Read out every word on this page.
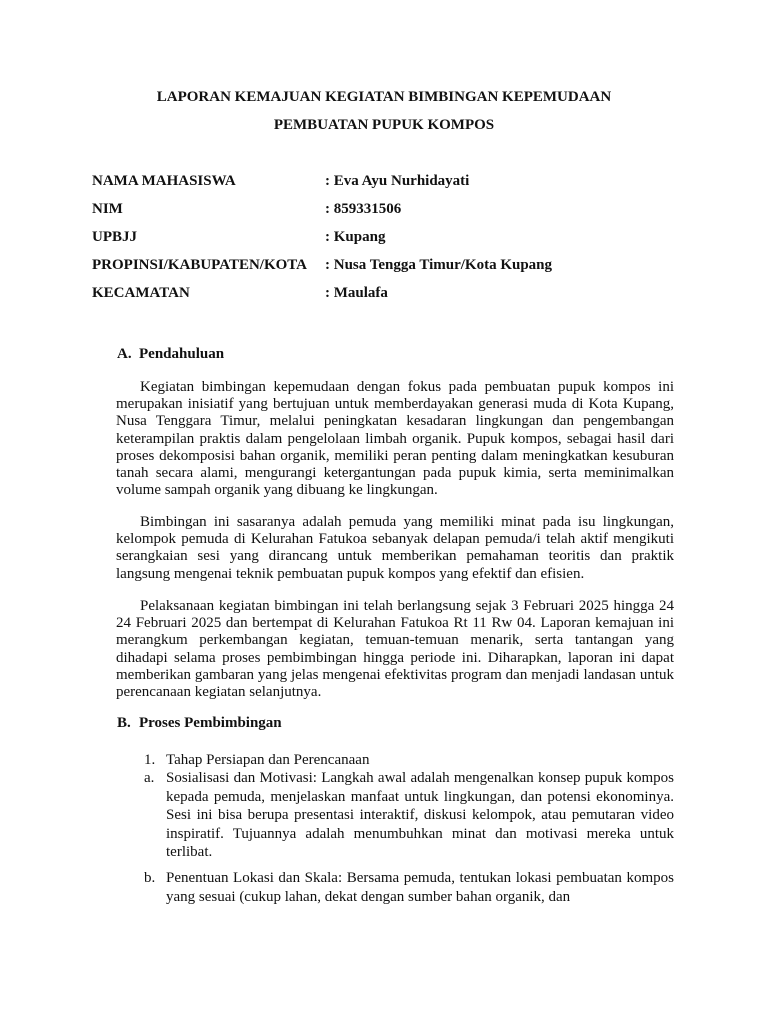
LAPORAN KEMAJUAN KEGIATAN BIMBINGAN KEPEMUDAAN
PEMBUATAN PUPUK KOMPOS
NAMA MAHASISWA	: Eva Ayu Nurhidayati
NIM	: 859331506
UPBJJ	: Kupang
PROPINSI/KABUPATEN/KOTA : Nusa Tengga Timur/Kota Kupang
KECAMATAN	: Maulafa
A. Pendahuluan
Kegiatan bimbingan kepemudaan dengan fokus pada pembuatan pupuk kompos ini merupakan inisiatif yang bertujuan untuk memberdayakan generasi muda di Kota Kupang, Nusa Tenggara Timur, melalui peningkatan kesadaran lingkungan dan pengembangan keterampilan praktis dalam pengelolaan limbah organik. Pupuk kompos, sebagai hasil dari proses dekomposisi bahan organik, memiliki peran penting dalam meningkatkan kesuburan tanah secara alami, mengurangi ketergantungan pada pupuk kimia, serta meminimalkan volume sampah organik yang dibuang ke lingkungan.
Bimbingan ini sasaranya adalah pemuda yang memiliki minat pada isu lingkungan, kelompok pemuda di Kelurahan Fatukoa sebanyak delapan pemuda/i telah aktif mengikuti serangkaian sesi yang dirancang untuk memberikan pemahaman teoritis dan praktik langsung mengenai teknik pembuatan pupuk kompos yang efektif dan efisien.
Pelaksanaan kegiatan bimbingan ini telah berlangsung sejak 3 Februari 2025 hingga 24 24 Februari 2025 dan bertempat di Kelurahan Fatukoa Rt 11 Rw 04. Laporan kemajuan ini merangkum perkembangan kegiatan, temuan-temuan menarik, serta tantangan yang dihadapi selama proses pembimbingan hingga periode ini. Diharapkan, laporan ini dapat memberikan gambaran yang jelas mengenai efektivitas program dan menjadi landasan untuk perencanaan kegiatan selanjutnya.
B. Proses Pembimbingan
1. Tahap Persiapan dan Perencanaan
a. Sosialisasi dan Motivasi: Langkah awal adalah mengenalkan konsep pupuk kompos kepada pemuda, menjelaskan manfaat untuk lingkungan, dan potensi ekonominya. Sesi ini bisa berupa presentasi interaktif, diskusi kelompok, atau pemutaran video inspiratif. Tujuannya adalah menumbuhkan minat dan motivasi mereka untuk terlibat.
b. Penentuan Lokasi dan Skala: Bersama pemuda, tentukan lokasi pembuatan kompos yang sesuai (cukup lahan, dekat dengan sumber bahan organik, dan
